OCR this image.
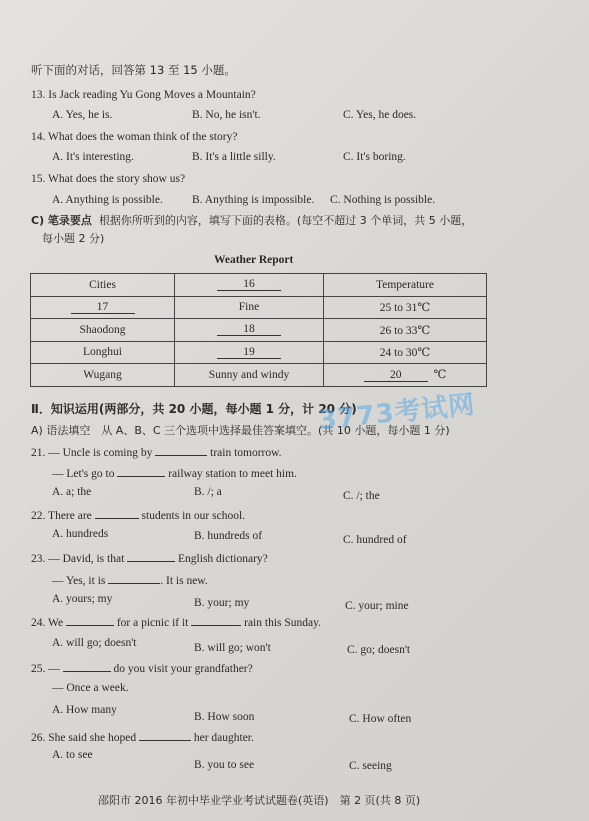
听下面的对话，回答第 13 至 15 小题。
13. Is Jack reading Yu Gong Moves a Mountain?
A. Yes, he is.	B. No, he isn't.	C. Yes, he does.
14. What does the woman think of the story?
A. It's interesting.	B. It's a little silly.	C. It's boring.
15. What does the story show us?
A. Anything is possible.	B. Anything is impossible. C. Nothing is possible.
C) 笔录要点 根据你所听到的内容，填写下面的表格。(每空不超过 3 个单词，共 5 小题，
每小题 2 分)
Weather Report
Cities	16	Temperature
17	Fine	25 to 31℃
Shaodong	18	26 to 33℃
Longhui	19	24 to 30℃
Wugang	Sunny and windy	20 ℃
Ⅱ．知识运用(两部分，共 20 小题，每小题 1 分，计 20 分)
A) 语法填空　从 A、B、C 三个选项中选择最佳答案填空。(共 10 小题，每小题 1 分)
3773考试网
21. — Uncle is coming by	train tomorrow.
— Let's go to	railway station to meet him.
A. a; the	B. /; a	C. /; the
22. There are	students in our school.
A. hundreds	B. hundreds of	C. hundred of
23. — David, is that	English dictionary?
— Yes, it is	. It is new.
A. yours; my	B. your; my	C. your; mine
24. We	for a picnic if it	rain this Sunday.
A. will go; doesn't	B. will go; won't	C. go; doesn't
25. —	do you visit your grandfather?
— Once a week.
A. How many
B. How soon	C. How often
26. She said she hoped	her daughter.
A. to see
B. you to see	C. seeing
邵阳市 2016 年初中毕业学业考试试题卷(英语)　第 2 页(共 8 页)
